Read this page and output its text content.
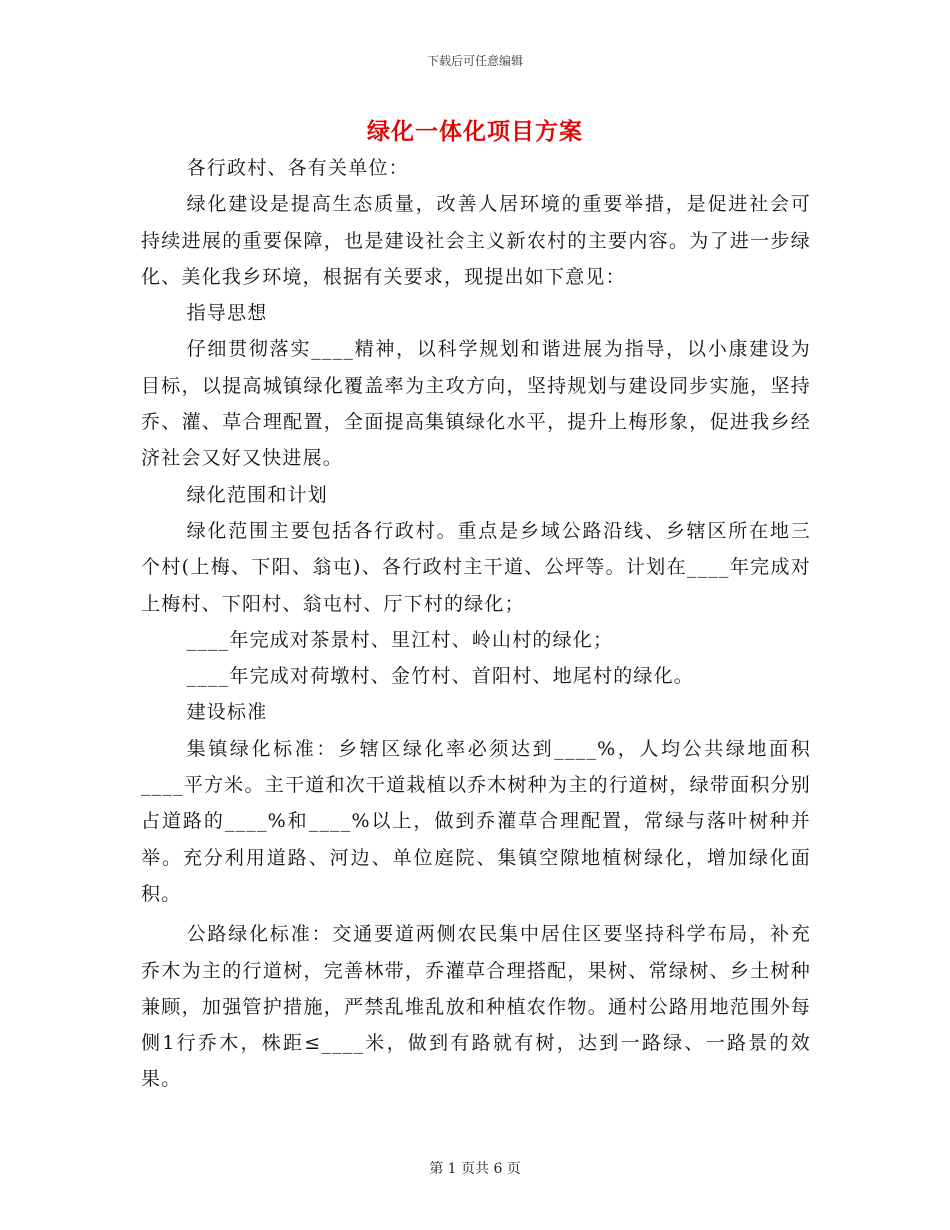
下载后可任意编辑
绿化一体化项目方案

各行政村、各有关单位：

绿化建设是提高生态质量，改善人居环境的重要举措，是促进社会可持续进展的重要保障，也是建设社会主义新农村的主要内容。为了进一步绿化、美化我乡环境，根据有关要求，现提出如下意见：

指导思想

仔细贯彻落实____精神，以科学规划和谐进展为指导，以小康建设为目标，以提高城镇绿化覆盖率为主攻方向，坚持规划与建设同步实施，坚持乔、灌、草合理配置，全面提高集镇绿化水平，提升上梅形象，促进我乡经济社会又好又快进展。

绿化范围和计划

绿化范围主要包括各行政村。重点是乡域公路沿线、乡辖区所在地三个村(上梅、下阳、翁屯)、各行政村主干道、公坪等。计划在____年完成对上梅村、下阳村、翁屯村、厅下村的绿化；

____年完成对茶景村、里江村、岭山村的绿化；

____年完成对荷墩村、金竹村、首阳村、地尾村的绿化。

建设标准

集镇绿化标准：乡辖区绿化率必须达到____%，人均公共绿地面积____平方米。主干道和次干道栽植以乔木树种为主的行道树，绿带面积分别占道路的____%和____%以上，做到乔灌草合理配置，常绿与落叶树种并举。充分利用道路、河边、单位庭院、集镇空隙地植树绿化，增加绿化面积。

公路绿化标准：交通要道两侧农民集中居住区要坚持科学布局，补充乔木为主的行道树，完善林带，乔灌草合理搭配，果树、常绿树、乡土树种兼顾，加强管护措施，严禁乱堆乱放和种植农作物。通村公路用地范围外每侧1行乔木，株距≤____米，做到有路就有树，达到一路绿、一路景的效果。

第 1 页共 6 页
